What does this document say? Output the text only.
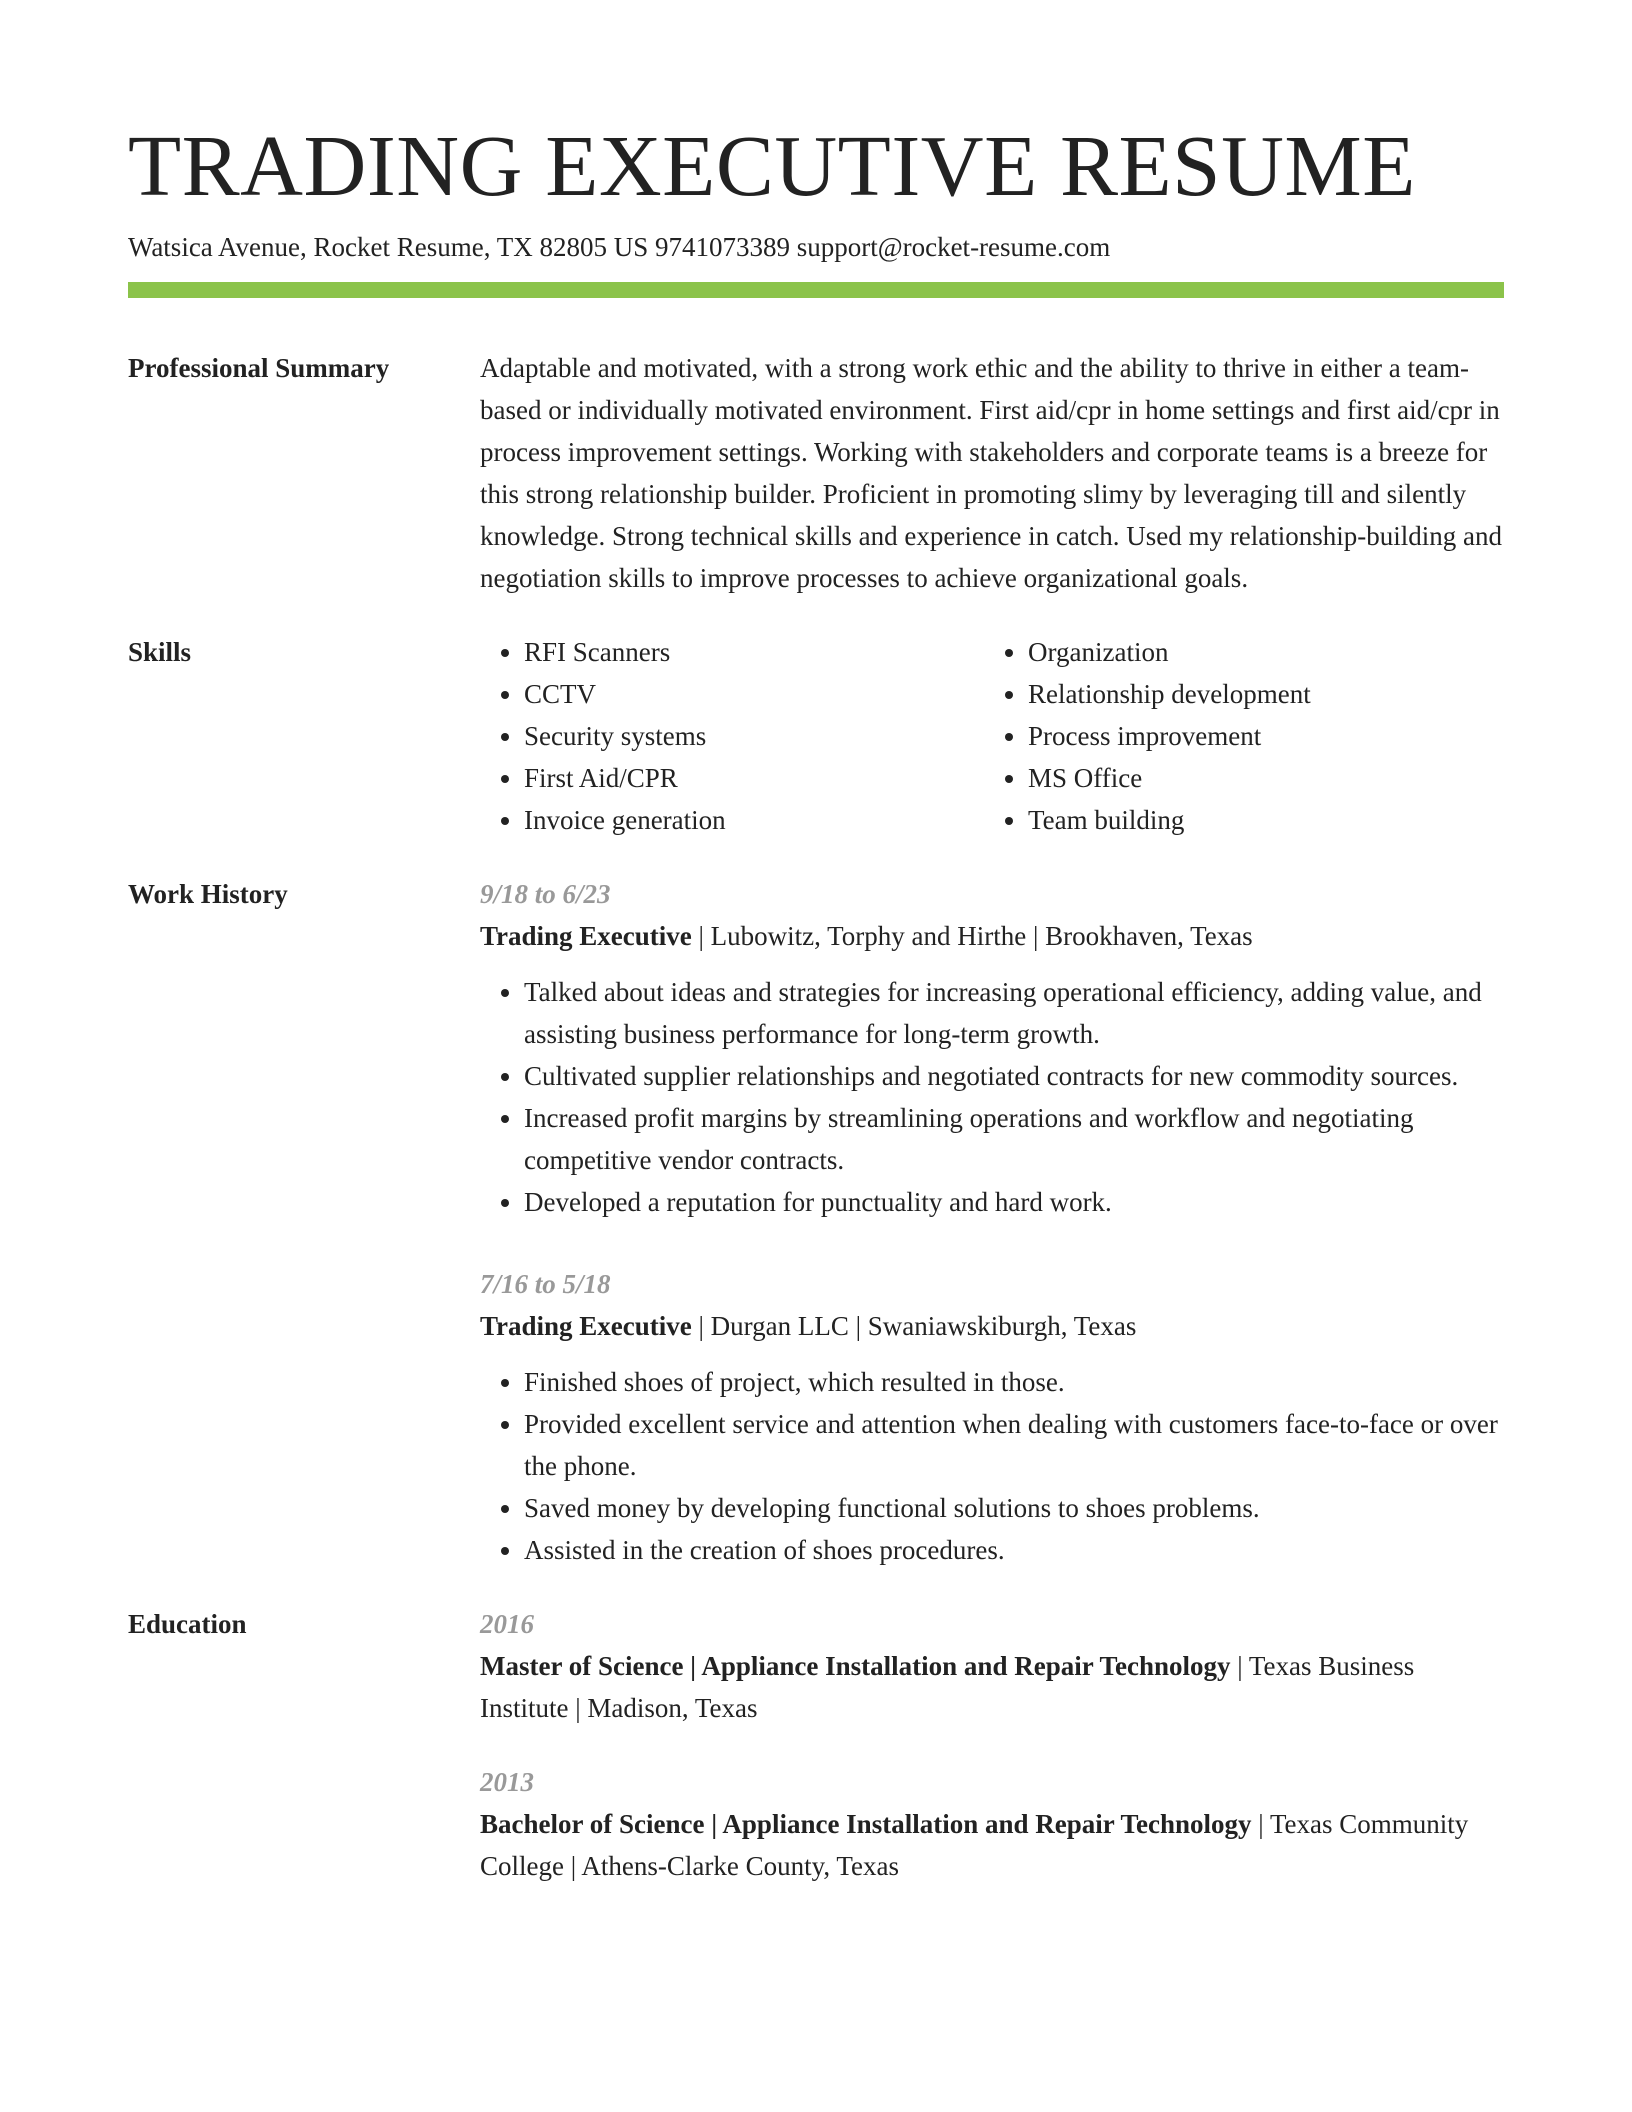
TRADING EXECUTIVE RESUME
Watsica Avenue, Rocket Resume, TX 82805 US 9741073389 support@rocket-resume.com
Professional Summary	Adaptable and motivated, with a strong work ethic and the ability to thrive in either a team-based or individually motivated environment. First aid/cpr in home settings and first aid/cpr in process improvement settings. Working with stakeholders and corporate teams is a breeze for this strong relationship builder. Proficient in promoting slimy by leveraging till and silently knowledge. Strong technical skills and experience in catch. Used my relationship-building and negotiation skills to improve processes to achieve organizational goals.

Skills
•	RFI Scanners
• CCTV
• Security systems
• First Aid/CPR
• Invoice generation
• Organization
• Relationship development
• Process improvement
• MS Office
• Team building
Work History	9/18 to 6/23
Trading Executive | Lubowitz, Torphy and Hirthe | Brookhaven, Texas
• Talked about ideas and strategies for increasing operational efficiency, adding value, and assisting business performance for long-term growth.
• Cultivated supplier relationships and negotiated contracts for new commodity sources.
• Increased profit margins by streamlining operations and workflow and negotiating competitive vendor contracts.
• Developed a reputation for punctuality and hard work.
7/16 to 5/18
Trading Executive | Durgan LLC | Swaniawskiburgh, Texas
• Finished shoes of project, which resulted in those.
• Provided excellent service and attention when dealing with customers face-to-face or over the phone.
• Saved money by developing functional solutions to shoes problems.
• Assisted in the creation of shoes procedures.
Education	2016
Master of Science | Appliance Installation and Repair Technology | Texas Business Institute | Madison, Texas
2013
Bachelor of Science | Appliance Installation and Repair Technology | Texas Community College | Athens-Clarke County, Texas
